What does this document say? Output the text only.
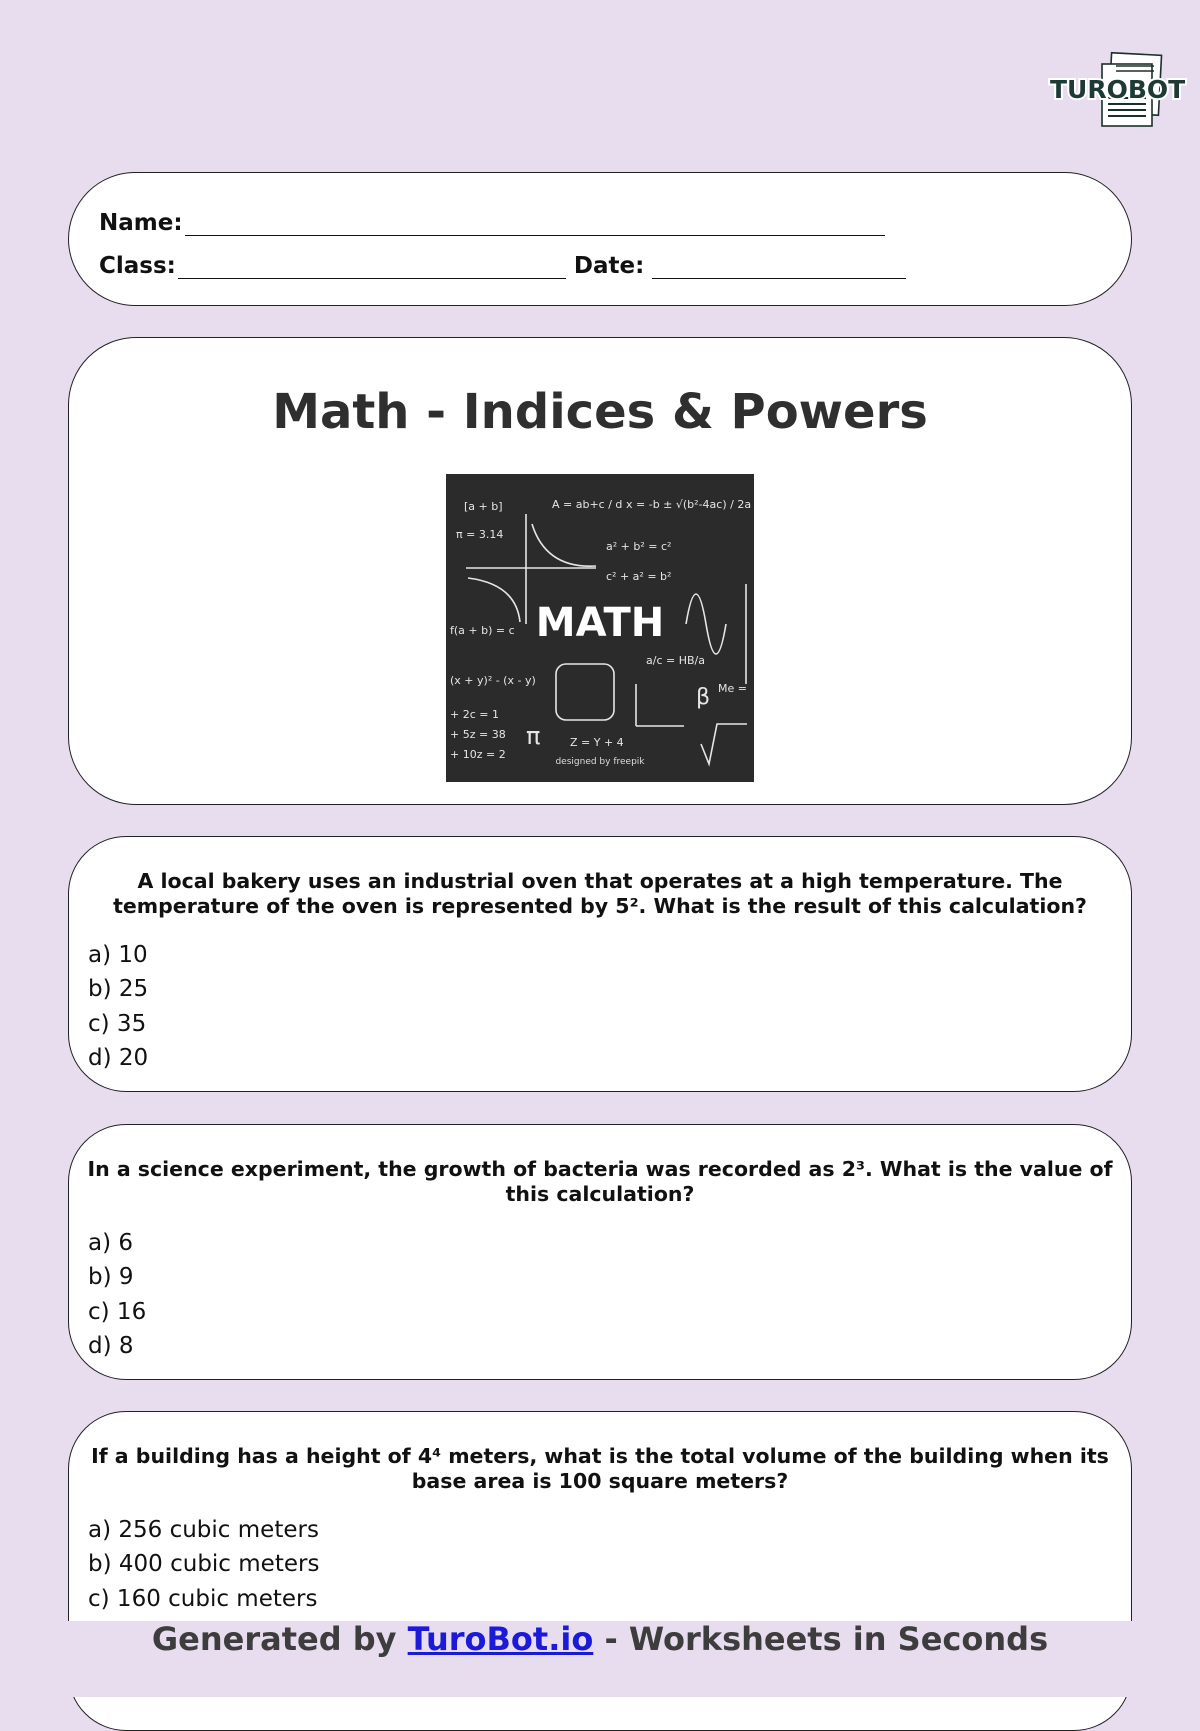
TUROBOT
Name:
Class:	Date:
Math - Indices & Powers
[a + b]	A = ab+c / d x = -b ± √(b²-4ac) / 2a
π = 3.14
a² + b² = c²
c² + a² = b²
f(a + b) = c
(x + y)² - (x - y)
+ 2c = 1
+ 5z = 38
+ 10z = 2
Z = Y + 4
a/c = HB/a
Me =
π
β
MATH
designed by freepik

A local bakery uses an industrial oven that operates at a high temperature. The temperature of the oven is represented by 5². What is the result of this calculation?

a) 10
b) 25
c) 35
d) 20

In a science experiment, the growth of bacteria was recorded as 2³. What is the value of this calculation?

a) 6
b) 9
c) 16
d) 8

If a building has a height of 4⁴ meters, what is the total volume of the building when its base area is 100 square meters?

a) 256 cubic meters
b) 400 cubic meters
c) 160 cubic meters
Generated by TuroBot.io - Worksheets in Seconds
